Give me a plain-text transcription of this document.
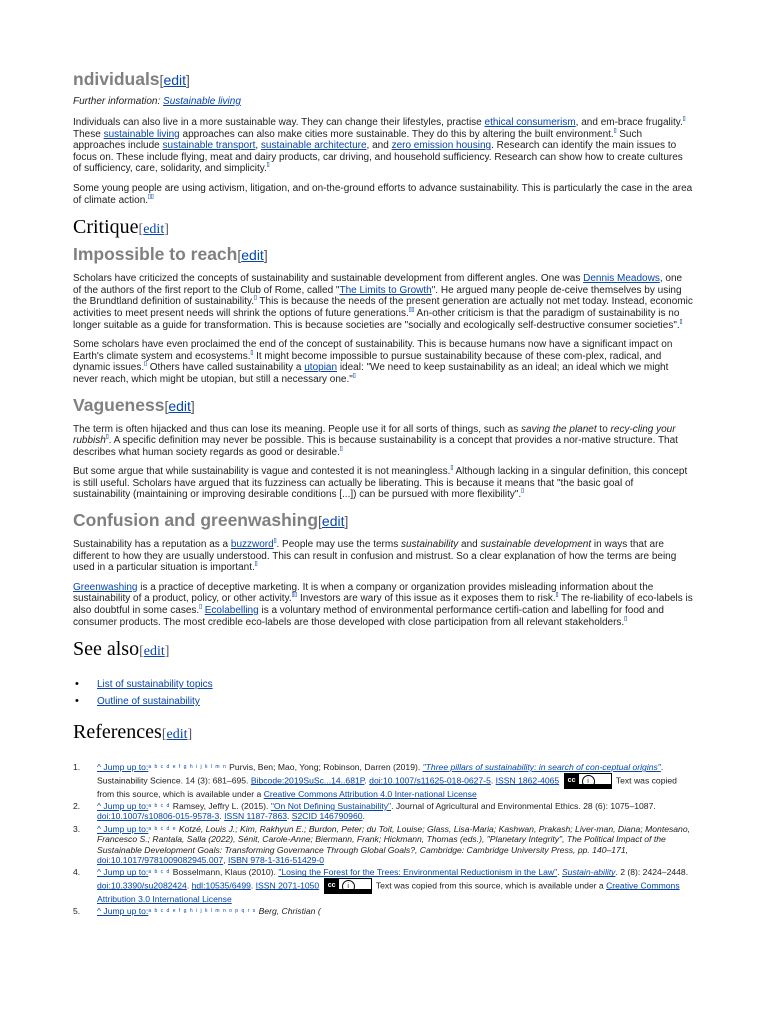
ndividuals[edit]
Further information: Sustainable living

Individuals can also live in a more sustainable way. They can change their lifestyles, practise ethical consumerism, and em-brace frugality.[] These sustainable living approaches can also make cities more sustainable. They do this by altering the built environment.[] Such approaches include sustainable transport, sustainable architecture, and zero emission housing. Research can identify the main issues to focus on. These include flying, meat and dairy products, car driving, and household sufficiency. Research can show how to create cultures of sufficiency, care, solidarity, and simplicity.[]

Some young people are using activism, litigation, and on-the-ground efforts to advance sustainability. This is particularly the case in the area of climate action.[][]

Critique[edit]
Impossible to reach[edit]

Scholars have criticized the concepts of sustainability and sustainable development from different angles. One was Dennis Meadows, one of the authors of the first report to the Club of Rome, called "The Limits to Growth". He argued many people de-ceive themselves by using the Brundtland definition of sustainability.[] This is because the needs of the present generation are actually not met today. Instead, economic activities to meet present needs will shrink the options of future generations.[][] An-other criticism is that the paradigm of sustainability is no longer suitable as a guide for transformation. This is because societies are "socially and ecologically self-destructive consumer societies".[]

Some scholars have even proclaimed the end of the concept of sustainability. This is because humans now have a significant impact on Earth's climate system and ecosystems.[] It might become impossible to pursue sustainability because of these com-plex, radical, and dynamic issues.[] Others have called sustainability a utopian ideal: "We need to keep sustainability as an ideal; an ideal which we might never reach, which might be utopian, but still a necessary one."[]

Vagueness[edit]

The term is often hijacked and thus can lose its meaning. People use it for all sorts of things, such as saving the planet to recy-cling your rubbish[]. A specific definition may never be possible. This is because sustainability is a concept that provides a nor-mative structure. That describes what human society regards as good or desirable.[]

But some argue that while sustainability is vague and contested it is not meaningless.[] Although lacking in a singular definition, this concept is still useful. Scholars have argued that its fuzziness can actually be liberating. This is because it means that "the basic goal of sustainability (maintaining or improving desirable conditions [...]) can be pursued with more flexibility".[]

Confusion and greenwashing[edit]

Sustainability has a reputation as a buzzword[]. People may use the terms sustainability and sustainable development in ways that are different to how they are usually understood. This can result in confusion and mistrust. So a clear explanation of how the terms are being used in a particular situation is important.[]

Greenwashing is a practice of deceptive marketing. It is when a company or organization provides misleading information about the sustainability of a product, policy, or other activity.[][] Investors are wary of this issue as it exposes them to risk.[] The re-liability of eco-labels is also doubtful in some cases.[] Ecolabelling is a voluntary method of environmental performance certifi-cation and labelling for food and consumer products. The most credible eco-labels are those developed with close participation from all relevant stakeholders.[]

See also[edit]
• List of sustainability topics
• Outline of sustainability
References[edit]
1. ^ Jump up to:$^{a b c d e f g h i j k l m n}$ Purvis, Ben; Mao, Yong; Robinson, Darren (2019). "Three pillars of sustainability: in search of con-ceptual origins". Sustainability Science. 14 (3): 681–695. Bibcode:2019SuSc...14..681P. doi:10.1007/s11625-018-0627-5. ISSN 1862-4065	cc	i	Text was copied from this source, which is available under a Creative Commons Attribution 4.0 Inter-national License
2. ^ Jump up to:$^{a b c d}$ Ramsey, Jeffry L. (2015). "On Not Defining Sustainability". Journal of Agricultural and Environmental Ethics. 28 (6): 1075–1087. doi:10.1007/s10806-015-9578-3. ISSN 1187-7863. S2CID 146790960.
3. ^ Jump up to:$^{a b c d e}$ Kotzé, Louis J.; Kim, Rakhyun E.; Burdon, Peter; du Toit, Louise; Glass, Lisa-Maria; Kashwan, Prakash; Liver-man, Diana; Montesano, Francesco S.; Rantala, Salla (2022), Sénit, Carole-Anne; Biermann, Frank; Hickmann, Thomas (eds.), "Planetary Integrity", The Political Impact of the Sustainable Development Goals: Transforming Governance Through Global Goals?, Cambridge: Cambridge University Press, pp. 140–171, doi:10.1017/9781009082945.007, ISBN 978-1-316-51429-0
4. ^ Jump up to:$^{a b c d}$ Bosselmann, Klaus (2010). "Losing the Forest for the Trees: Environmental Reductionism in the Law". Sustain-ability. 2 (8): 2424–2448. doi:10.3390/su2082424. hdl:10535/6499. ISSN 2071-1050	cc	i	Text was copied from this source, which is available under a Creative Commons Attribution 3.0 International License
5. ^ Jump up to:$^{a b c d e f g h i j k l m n o p q r s}$ Berg, Christian (
